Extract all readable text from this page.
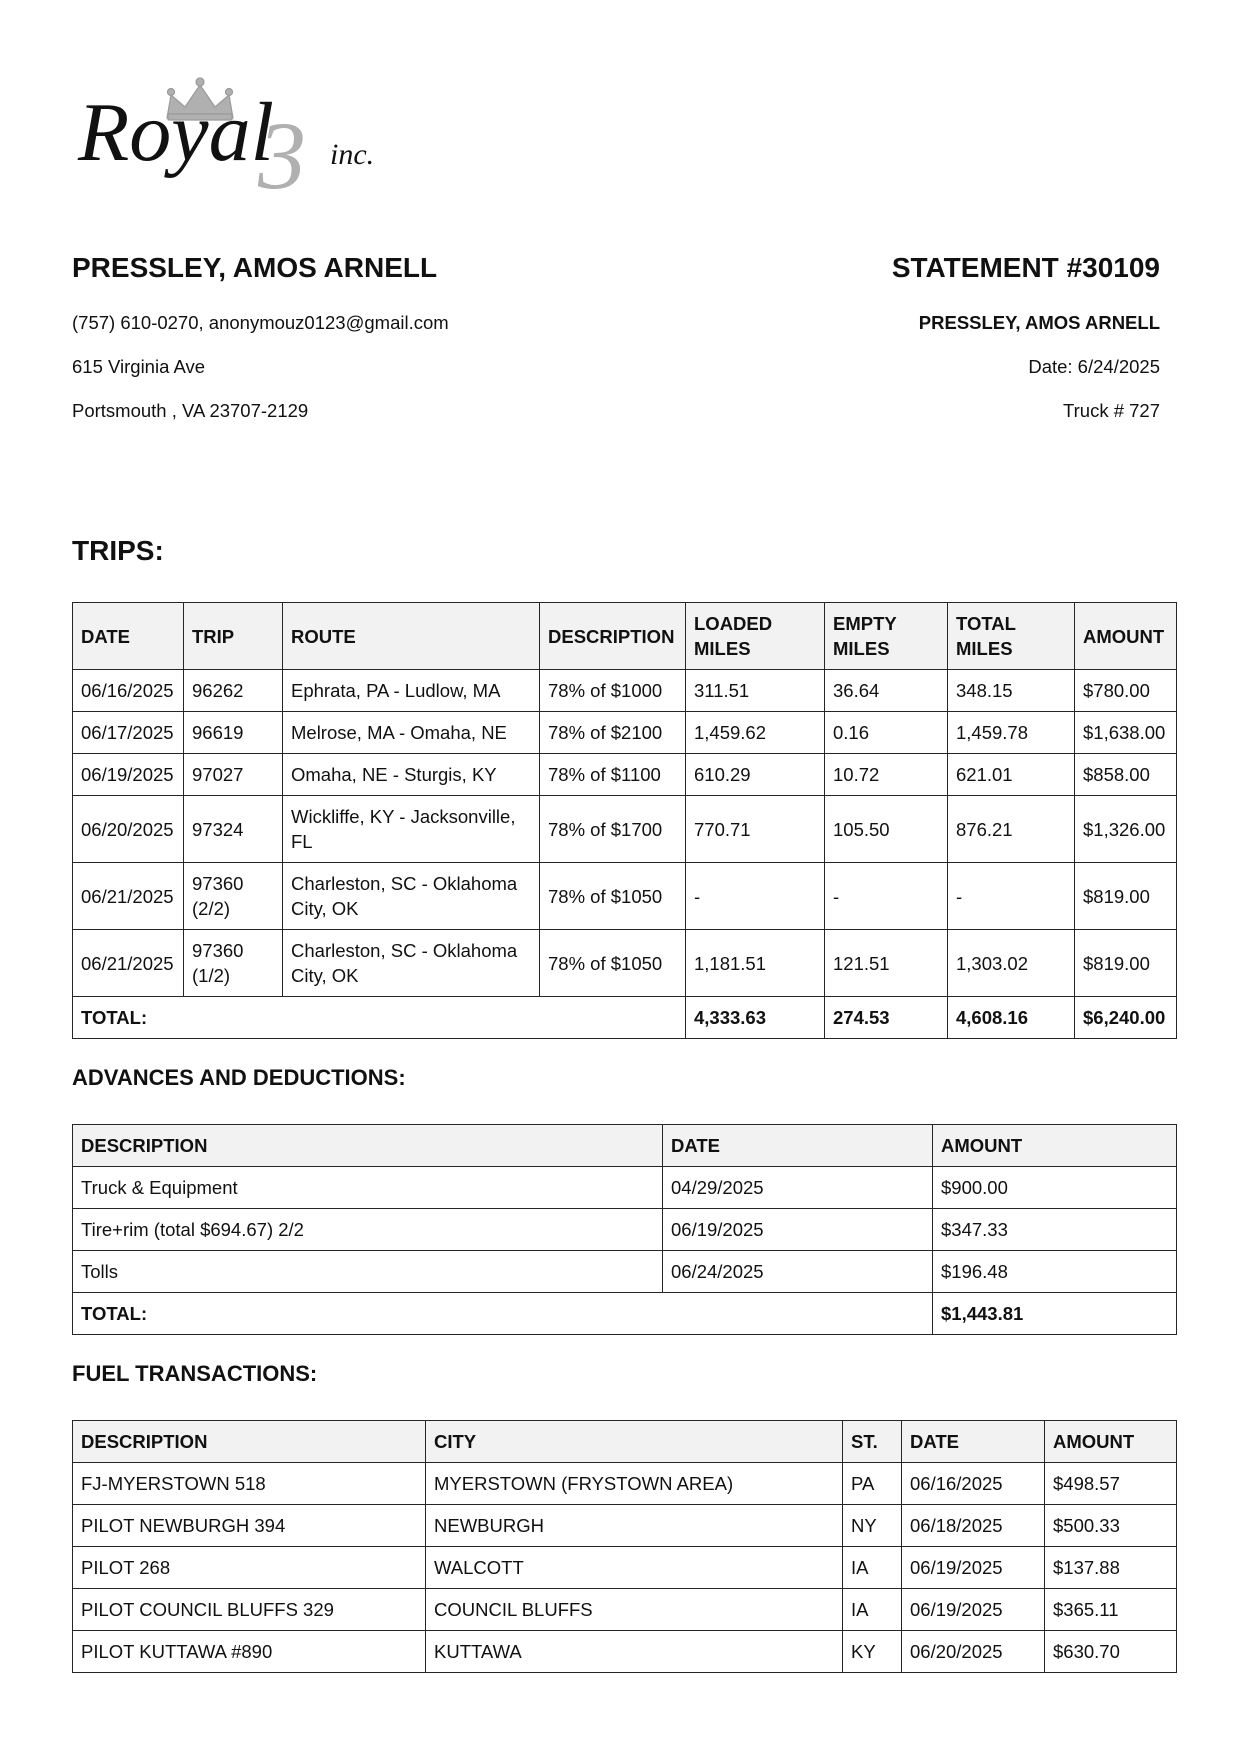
3
Royal inc.
PRESSLEY, AMOS ARNELL
(757) 610-0270, anonymouz0123@gmail.com
615 Virginia Ave
Portsmouth , VA 23707-2129
STATEMENT #30109
PRESSLEY, AMOS ARNELL
Date: 6/24/2025
Truck # 727
TRIPS:
DATE	TRIP	ROUTE	DESCRIPTION	LOADED MILES	EMPTY MILES	TOTAL MILES	AMOUNT
06/16/2025	96262	Ephrata, PA - Ludlow, MA	78% of $1000	311.51	36.64	348.15	$780.00
06/17/2025	96619	Melrose, MA - Omaha, NE	78% of $2100	1,459.62	0.16	1,459.78	$1,638.00
06/19/2025	97027	Omaha, NE - Sturgis, KY	78% of $1100	610.29	10.72	621.01	$858.00
06/20/2025	97324	Wickliffe, KY - Jacksonville, FL	78% of $1700	770.71	105.50	876.21	$1,326.00
06/21/2025	97360 (2/2)	Charleston, SC - Oklahoma City, OK	78% of $1050	-	-	-	$819.00
06/21/2025	97360 (1/2)	Charleston, SC - Oklahoma City, OK	78% of $1050	1,181.51	121.51	1,303.02	$819.00
TOTAL:				4,333.63	274.53	4,608.16	$6,240.00
ADVANCES AND DEDUCTIONS:
DESCRIPTION	DATE	AMOUNT
Truck & Equipment	04/29/2025	$900.00
Tire+rim (total $694.67) 2/2	06/19/2025	$347.33
Tolls	06/24/2025	$196.48
TOTAL:		$1,443.81
FUEL TRANSACTIONS:
DESCRIPTION	CITY	ST.	DATE	AMOUNT
FJ-MYERSTOWN 518	MYERSTOWN (FRYSTOWN AREA)	PA	06/16/2025	$498.57
PILOT NEWBURGH 394	NEWBURGH	NY	06/18/2025	$500.33
PILOT 268	WALCOTT	IA	06/19/2025	$137.88
PILOT COUNCIL BLUFFS 329	COUNCIL BLUFFS	IA	06/19/2025	$365.11
PILOT KUTTAWA #890	KUTTAWA	KY	06/20/2025	$630.70
